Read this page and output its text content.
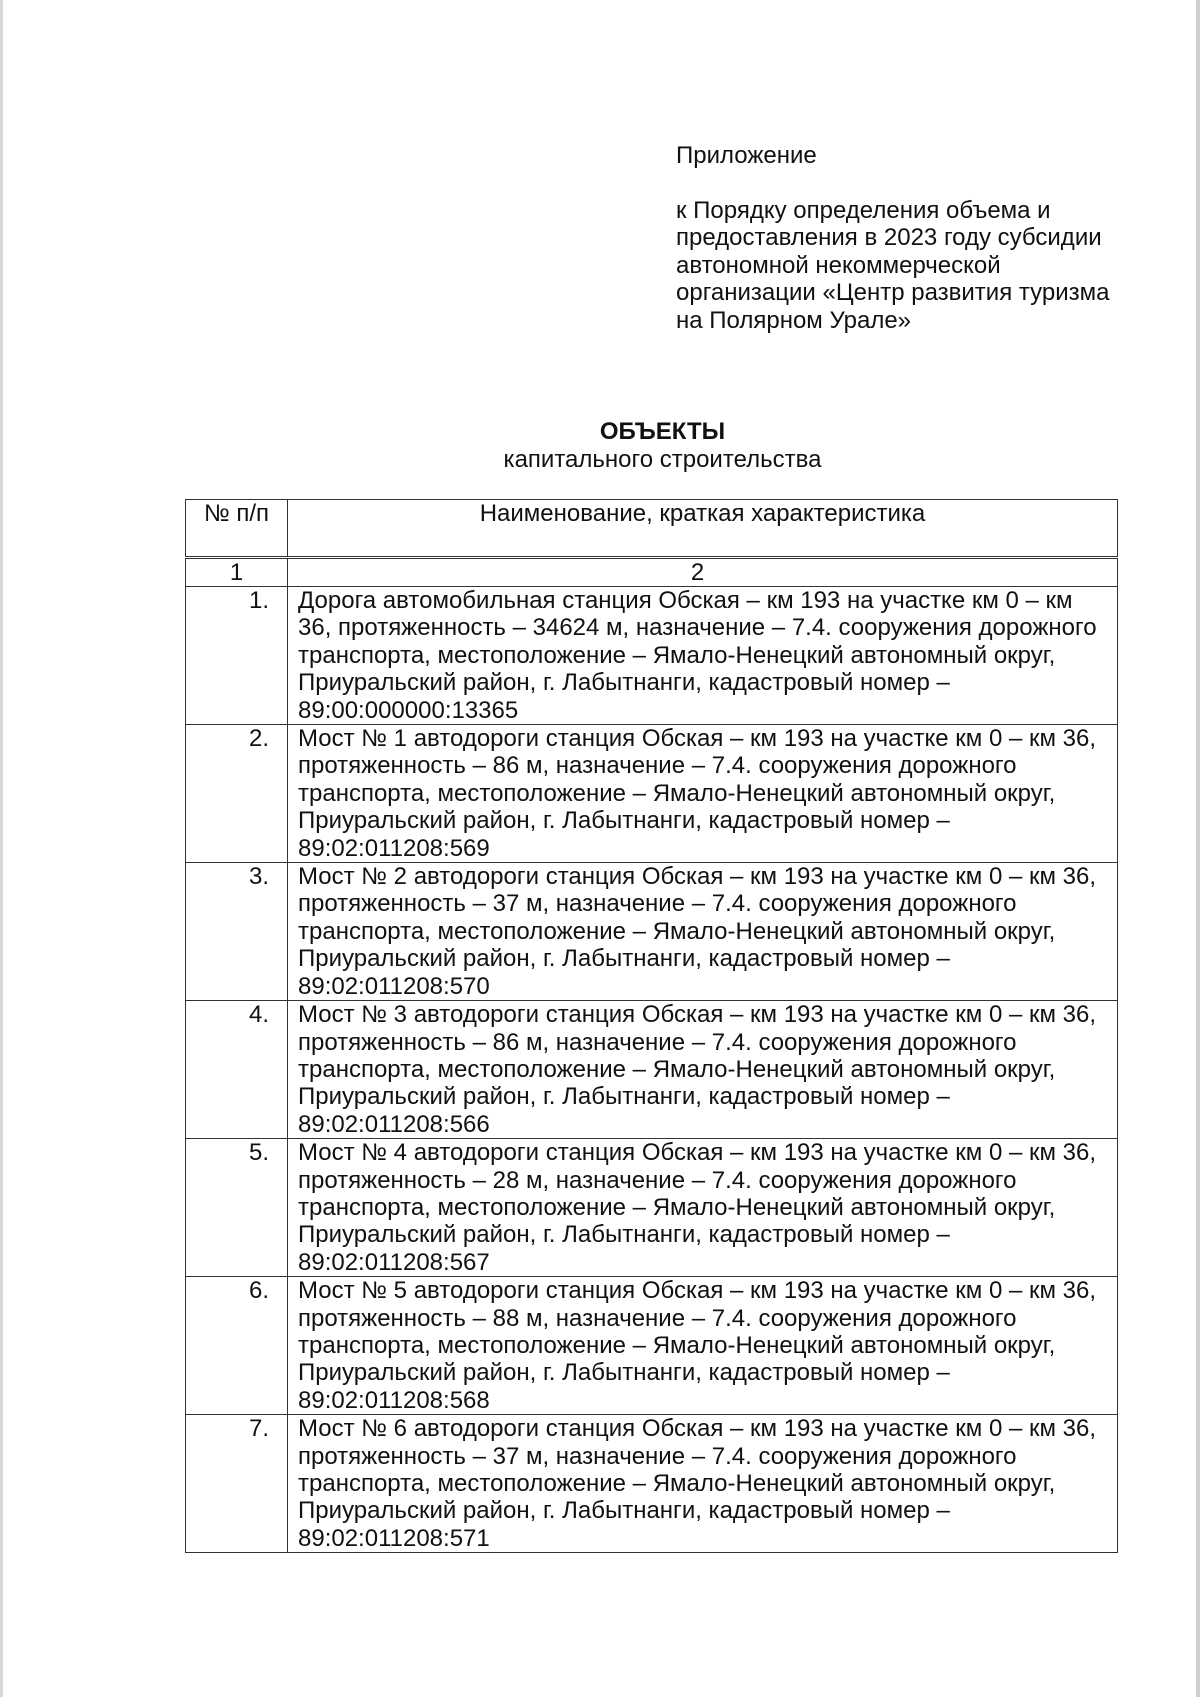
Приложение

к Порядку определения объема и предоставления в 2023 году субсидии автономной некоммерческой организации «Центр развития туризма на Полярном Урале»

ОБЪЕКТЫ
капитального строительства
№ п/п	Наименование, краткая характеристика
1	2
1.	Дорога автомобильная станция Обская – км 193 на участке км 0 – км 36, протяженность – 34624 м, назначение – 7.4. сооружения дорожного транспорта, местоположение – Ямало-Ненецкий автономный округ, Приуральский район, г. Лабытнанги, кадастровый номер – 89:00:000000:13365
2.	Мост № 1 автодороги станция Обская – км 193 на участке км 0 – км 36, протяженность – 86 м, назначение – 7.4. сооружения дорожного транспорта, местоположение – Ямало-Ненецкий автономный округ, Приуральский район, г. Лабытнанги, кадастровый номер – 89:02:011208:569
3.	Мост № 2 автодороги станция Обская – км 193 на участке км 0 – км 36, протяженность – 37 м, назначение – 7.4. сооружения дорожного транспорта, местоположение – Ямало-Ненецкий автономный округ, Приуральский район, г. Лабытнанги, кадастровый номер – 89:02:011208:570
4.	Мост № 3 автодороги станция Обская – км 193 на участке км 0 – км 36, протяженность – 86 м, назначение – 7.4. сооружения дорожного транспорта, местоположение – Ямало-Ненецкий автономный округ, Приуральский район, г. Лабытнанги, кадастровый номер – 89:02:011208:566
5.	Мост № 4 автодороги станция Обская – км 193 на участке км 0 – км 36, протяженность – 28 м, назначение – 7.4. сооружения дорожного транспорта, местоположение – Ямало-Ненецкий автономный округ, Приуральский район, г. Лабытнанги, кадастровый номер – 89:02:011208:567
6.	Мост № 5 автодороги станция Обская – км 193 на участке км 0 – км 36, протяженность – 88 м, назначение – 7.4. сооружения дорожного транспорта, местоположение – Ямало-Ненецкий автономный округ, Приуральский район, г. Лабытнанги, кадастровый номер – 89:02:011208:568
7.	Мост № 6 автодороги станция Обская – км 193 на участке км 0 – км 36, протяженность – 37 м, назначение – 7.4. сооружения дорожного транспорта, местоположение – Ямало-Ненецкий автономный округ, Приуральский район, г. Лабытнанги, кадастровый номер – 89:02:011208:571
